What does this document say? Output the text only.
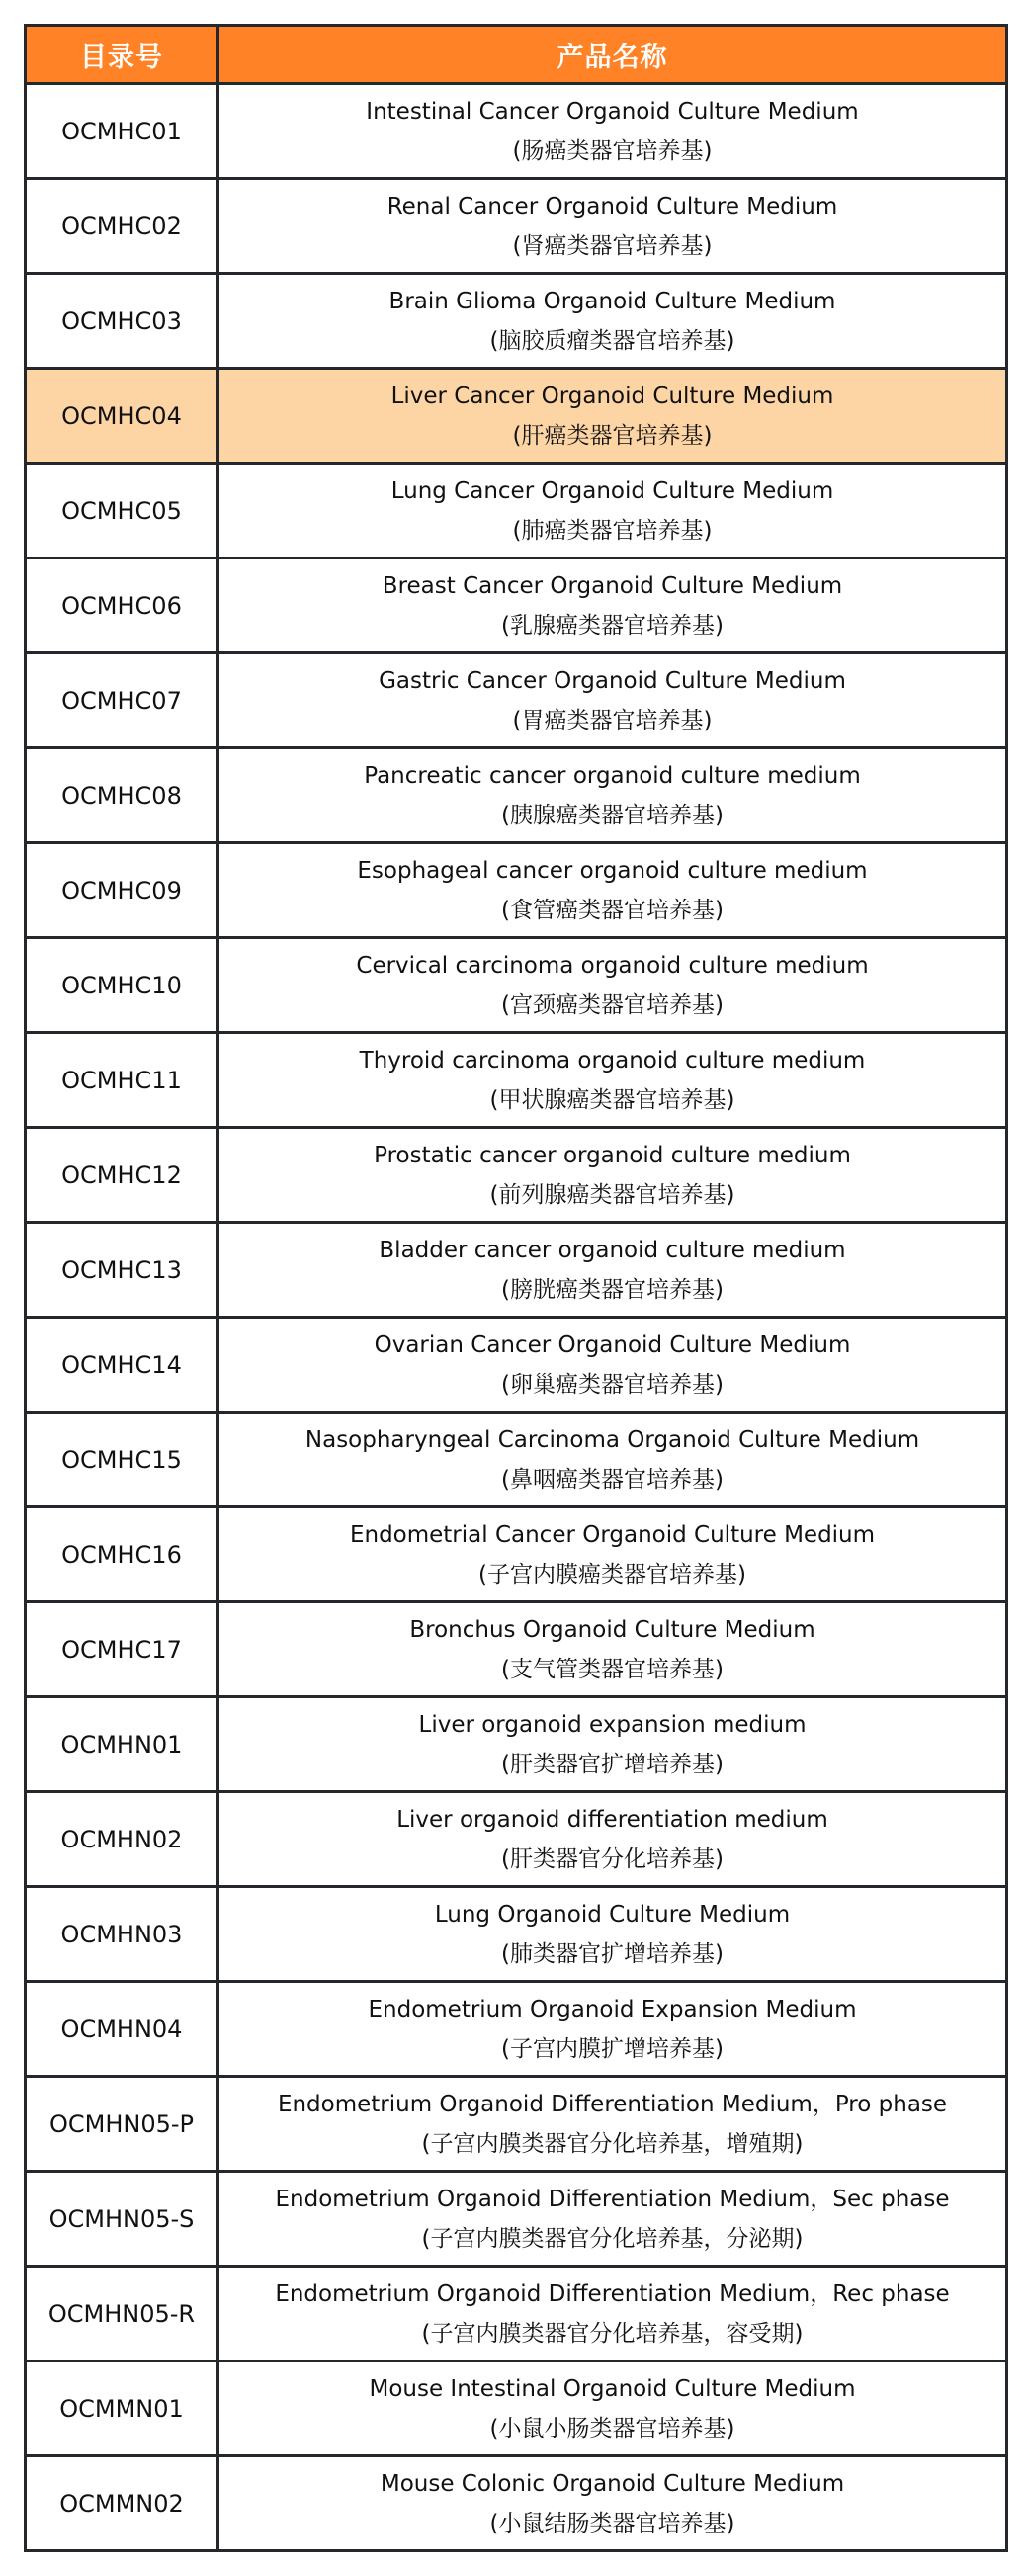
目录号	产品名称
OCMHC01	Intestinal Cancer Organoid Culture Medium
(肠癌类器官培养基)

OCMHC02	Renal Cancer Organoid Culture Medium
(肾癌类器官培养基)

OCMHC03	Brain Glioma Organoid Culture Medium
(脑胶质瘤类器官培养基)

OCMHC04	Liver Cancer Organoid Culture Medium
(肝癌类器官培养基)

OCMHC05	Lung Cancer Organoid Culture Medium
(肺癌类器官培养基)

OCMHC06	Breast Cancer Organoid Culture Medium
(乳腺癌类器官培养基)

OCMHC07	Gastric Cancer Organoid Culture Medium
(胃癌类器官培养基)

OCMHC08	Pancreatic cancer organoid culture medium
(胰腺癌类器官培养基)

OCMHC09	Esophageal cancer organoid culture medium
(食管癌类器官培养基)

OCMHC10	Cervical carcinoma organoid culture medium
(宫颈癌类器官培养基)

OCMHC11	Thyroid carcinoma organoid culture medium
(甲状腺癌类器官培养基)

OCMHC12	Prostatic cancer organoid culture medium
(前列腺癌类器官培养基)

OCMHC13	Bladder cancer organoid culture medium
(膀胱癌类器官培养基)

OCMHC14	Ovarian Cancer Organoid Culture Medium
(卵巢癌类器官培养基)

OCMHC15	Nasopharyngeal Carcinoma Organoid Culture Medium
(鼻咽癌类器官培养基)

OCMHC16	Endometrial Cancer Organoid Culture Medium
(子宫内膜癌类器官培养基)

OCMHC17	Bronchus Organoid Culture Medium
(支气管类器官培养基)

OCMHN01	Liver organoid expansion medium
(肝类器官扩增培养基)

OCMHN02	Liver organoid differentiation medium
(肝类器官分化培养基)

OCMHN03	Lung Organoid Culture Medium
(肺类器官扩增培养基)

OCMHN04	Endometrium Organoid Expansion Medium
(子宫内膜扩增培养基)

OCMHN05-P	Endometrium Organoid Differentiation Medium，Pro phase
(子宫内膜类器官分化培养基，增殖期)

OCMHN05-S	Endometrium Organoid Differentiation Medium，Sec phase
(子宫内膜类器官分化培养基，分泌期)

OCMHN05-R	Endometrium Organoid Differentiation Medium，Rec phase
(子宫内膜类器官分化培养基，容受期)

OCMMN01	Mouse Intestinal Organoid Culture Medium
(小鼠小肠类器官培养基)

OCMMN02	Mouse Colonic Organoid Culture Medium
(小鼠结肠类器官培养基)
